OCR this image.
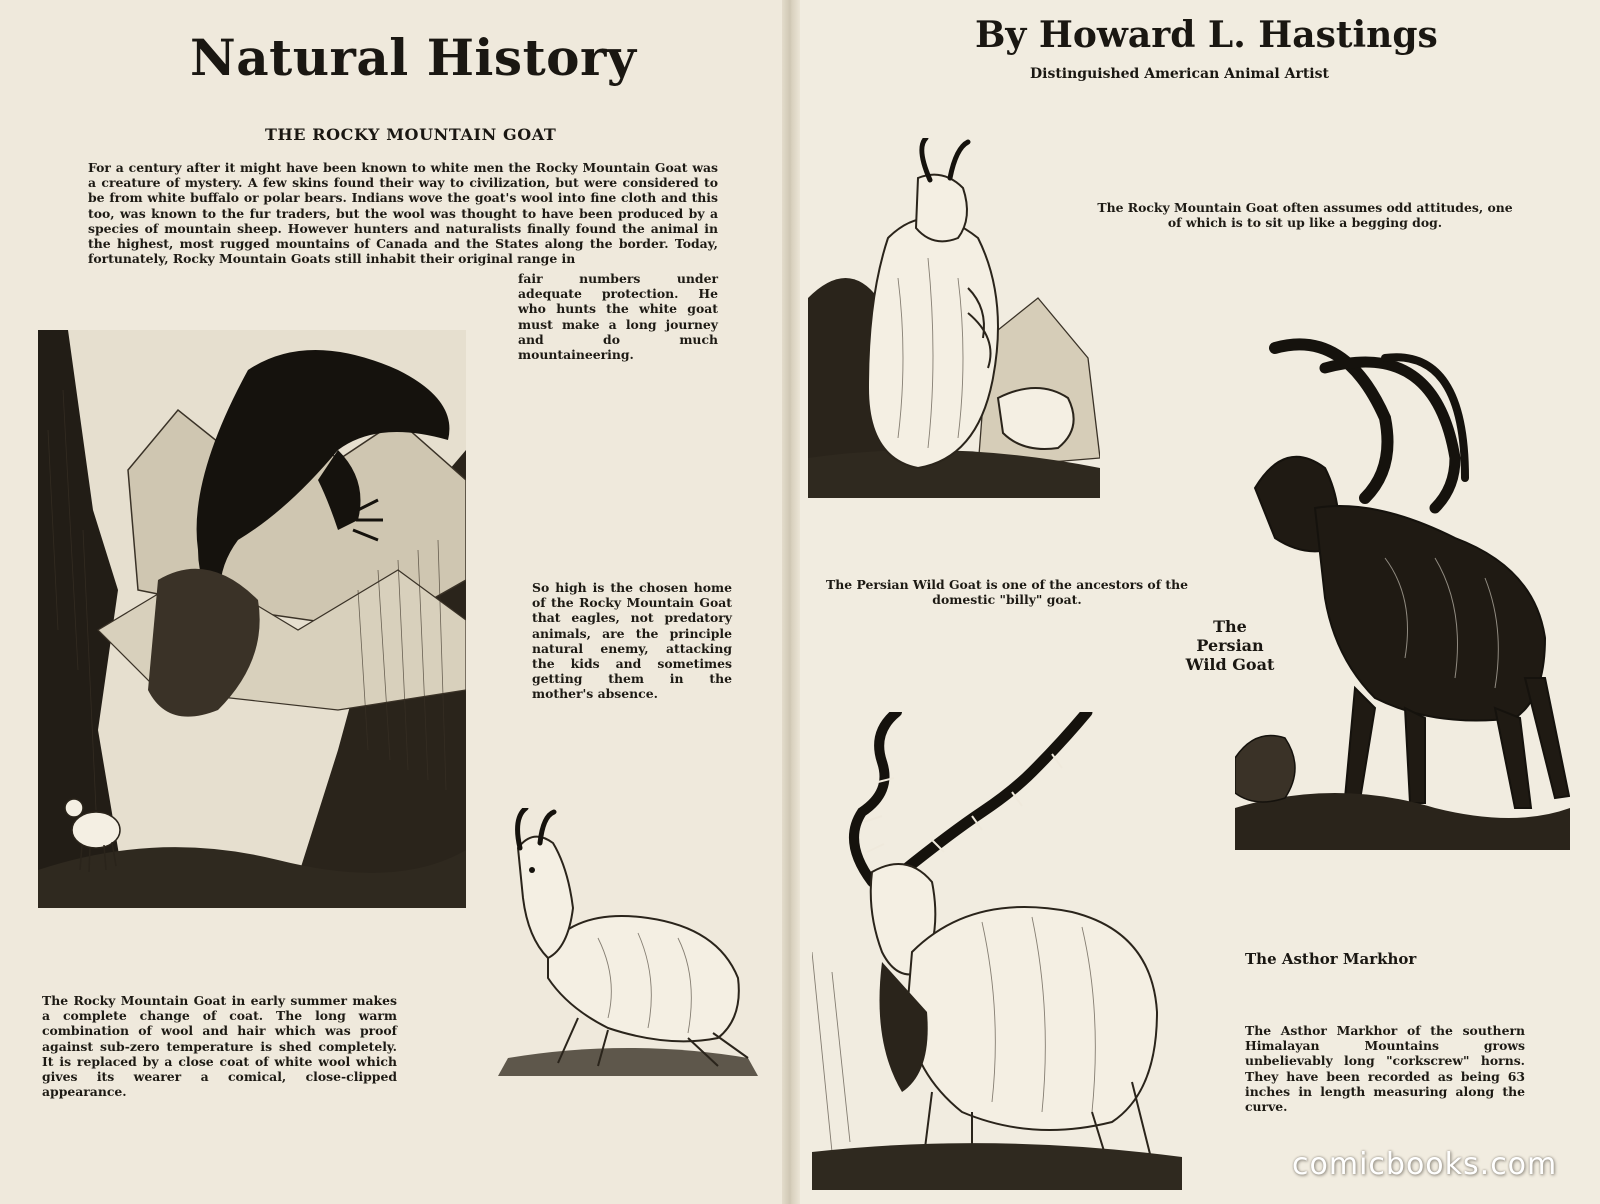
Natural History	By Howard L. Hastings
Distinguished American Animal Artist
THE ROCKY MOUNTAIN GOAT
For a century after it might have been known to white men the Rocky Mountain Goat was a creature of mystery. A few skins found their way to civilization, but were considered to be from white buffalo or polar bears. Indians wove the goat's wool into fine cloth and this too, was known to the fur traders, but the wool was thought to have been produced by a species of mountain sheep. However hunters and naturalists finally found the animal in the highest, most rugged mountains of Canada and the States along the border. Today, fortunately, Rocky Mountain Goats still inhabit their original range in
fair numbers under adequate protection. He who hunts the white goat must make a long journey and do much mountaineering.
So high is the chosen home of the Rocky Mountain Goat that eagles, not predatory animals, are the principle natural enemy, attacking the kids and sometimes getting them in the mother's absence.
The Rocky Mountain Goat in early summer makes a complete change of coat. The long warm combination of wool and hair which was proof against sub-zero temperature is shed completely. It is replaced by a close coat of white wool which gives its wearer a comical, close-clipped appearance.
The Rocky Mountain Goat often assumes odd attitudes, one of which is to sit up like a begging dog.
The Persian Wild Goat is one of the ancestors of the domestic "billy" goat.
The Persian Wild Goat
The Asthor Markhor
The Asthor Markhor of the southern Himalayan Mountains grows unbelievably long "corkscrew" horns. They have been recorded as being 63 inches in length measuring along the curve.
comicbooks.com
